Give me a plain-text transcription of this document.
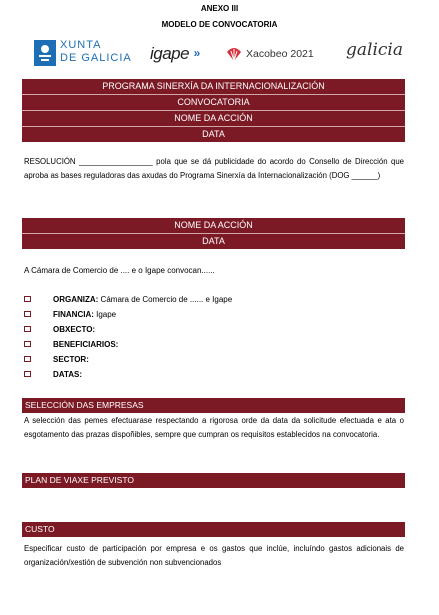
ANEXO III
MODELO DE CONVOCATORIA
XUNTA
DE GALICIA igape »	Xacobeo 2021 galicia
PROGRAMA SINERXÍA DA INTERNACIONALIZACIÓN
CONVOCATORIA
NOME DA ACCIÓN
DATA
RESOLUCIÓN _________________ pola que se dá publicidade do acordo do Consello de Dirección que aproba as bases reguladoras das axudas do Programa Sinerxía da Internacionalización (DOG ______)
NOME DA ACCIÓN
DATA
A Cámara de Comercio de .... e o Igape convocan......
ORGANIZA: Cámara de Comercio de ...... e Igape
FINANCIA: Igape
OBXECTO:
BENEFICIARIOS:
SECTOR:
DATAS:
SELECCIÓN DAS EMPRESAS
A selección das pemes efectuarase respectando a rigorosa orde da data da solicitude efectuada e ata o esgotamento das prazas dispoñibles, sempre que cumpran os requisitos establecidos na convocatoria.
PLAN DE VIAXE PREVISTO
CUSTO
Especificar custo de participación por empresa e os gastos que inclúe, incluíndo gastos adicionais de organización/xestión de subvención non subvencionados
